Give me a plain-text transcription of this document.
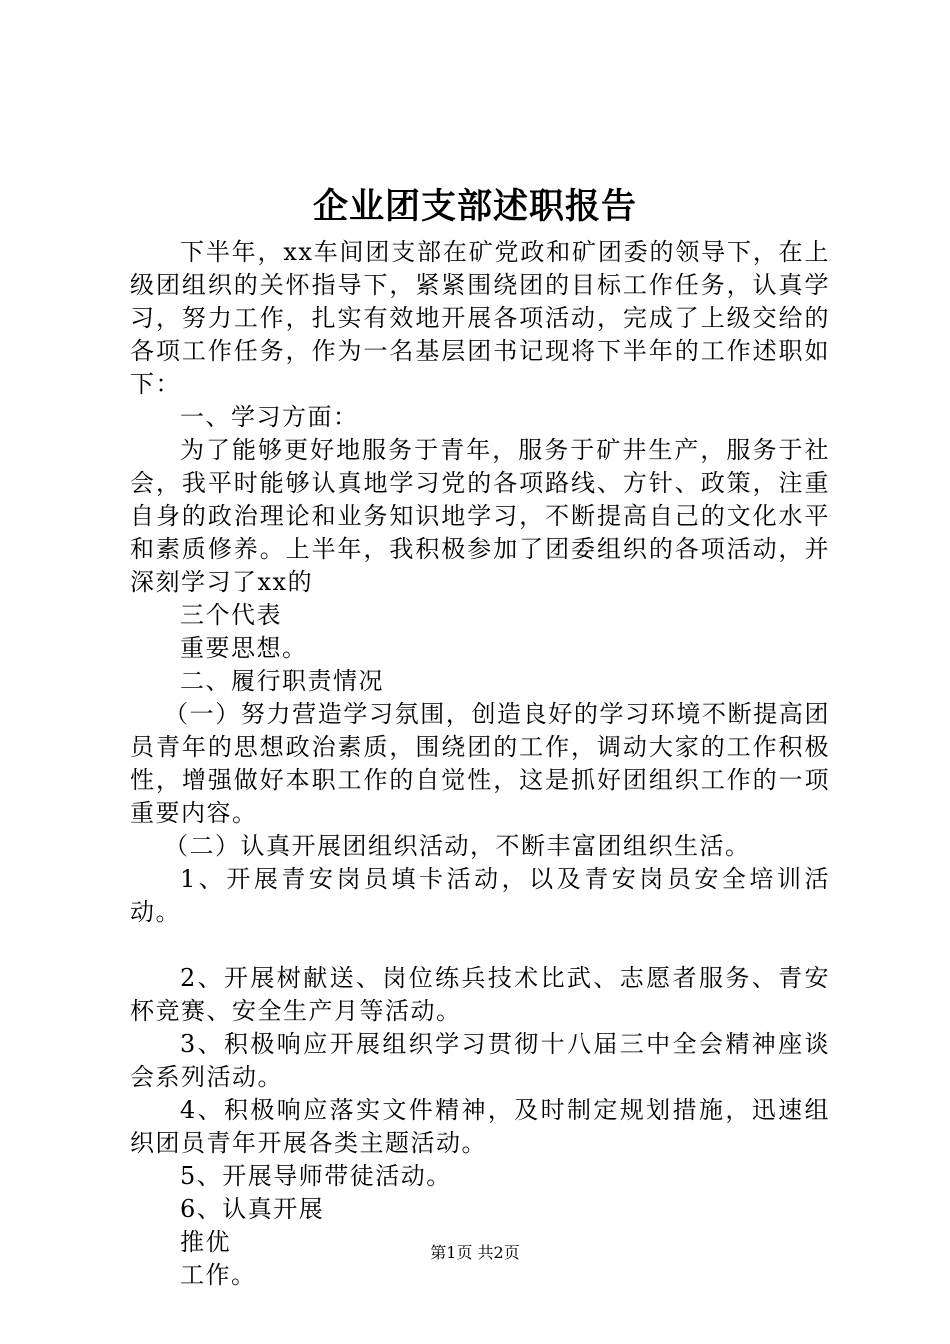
企业团支部述职报告

下半年，xx车间团支部在矿党政和矿团委的领导下，在上级团组织的关怀指导下，紧紧围绕团的目标工作任务，认真学习，努力工作，扎实有效地开展各项活动，完成了上级交给的各项工作任务，作为一名基层团书记现将下半年的工作述职如下：

一、学习方面：

为了能够更好地服务于青年，服务于矿井生产，服务于社会，我平时能够认真地学习党的各项路线、方针、政策，注重自身的政治理论和业务知识地学习，不断提高自己的文化水平和素质修养。上半年，我积极参加了团委组织的各项活动，并深刻学习了xx的

三个代表

重要思想。

二、履行职责情况

（一）努力营造学习氛围，创造良好的学习环境不断提高团员青年的思想政治素质，围绕团的工作，调动大家的工作积极性，增强做好本职工作的自觉性，这是抓好团组织工作的一项重要内容。

（二）认真开展团组织活动，不断丰富团组织生活。

1、开展青安岗员填卡活动，以及青安岗员安全培训活动。

2、开展树献送、岗位练兵技术比武、志愿者服务、青安杯竞赛、安全生产月等活动。

3、积极响应开展组织学习贯彻十八届三中全会精神座谈会系列活动。

4、积极响应落实文件精神，及时制定规划措施，迅速组织团员青年开展各类主题活动。

5、开展导师带徒活动。

6、认真开展

推优

工作。

第1页 共2页
